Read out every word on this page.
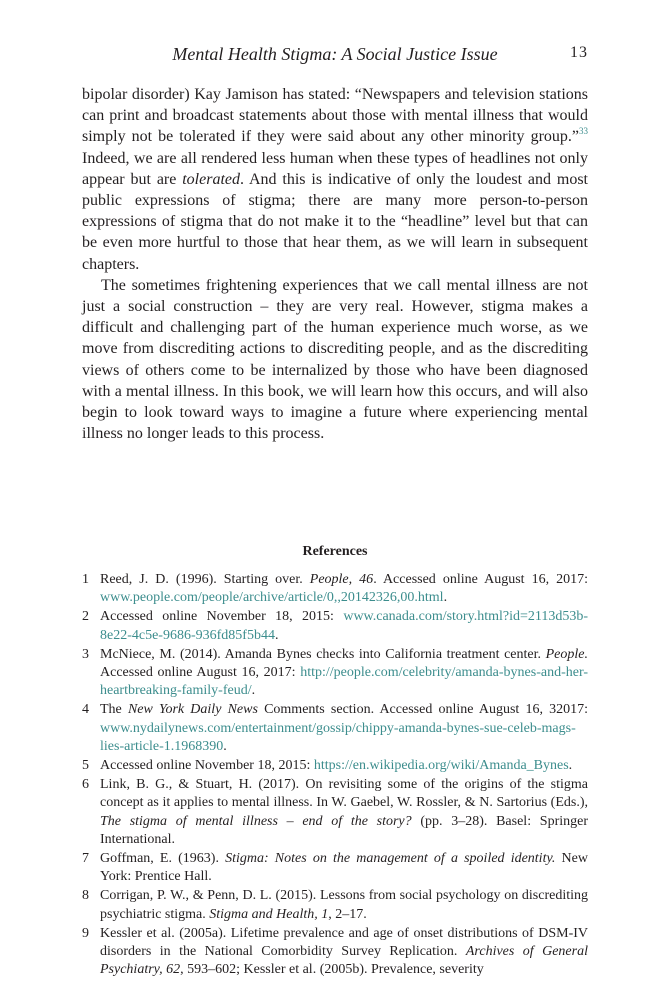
Mental Health Stigma: A Social Justice Issue	13

bipolar disorder) Kay Jamison has stated: “Newspapers and television stations can print and broadcast statements about those with mental illness that would simply not be tolerated if they were said about any other minority group.”$^{33}$ Indeed, we are all rendered less human when these types of headlines not only appear but are tolerated. And this is indicative of only the loudest and most public expressions of stigma; there are many more person-to-person expressions of stigma that do not make it to the “headline” level but that can be even more hurtful to those that hear them, as we will learn in subsequent chapters.

The sometimes frightening experiences that we call mental illness are not just a social construction – they are very real. However, stigma makes a difficult and challenging part of the human experience much worse, as we move from discrediting actions to discrediting people, and as the discrediting views of others come to be internalized by those who have been diagnosed with a mental illness. In this book, we will learn how this occurs, and will also begin to look toward ways to imagine a future where experiencing mental illness no longer leads to this process.

References
1 Reed, J. D. (1996). Starting over. People, 46. Accessed online August 16, 2017: www.people.com/people/archive/article/0,,20142326,00.html.
2 Accessed online November 18, 2015: www.canada.com/story.html?id=2113d53b-8e22-4c5e-9686-936fd85f5b44.
3 McNiece, M. (2014). Amanda Bynes checks into California treatment center. People. Accessed online August 16, 2017: http://people.com/celebrity/amanda-bynes-and-her-heartbreaking-family-feud/.
4 The New York Daily News Comments section. Accessed online August 16, 32017: www.nydailynews.com/entertainment/gossip/chippy-amanda-bynes-sue-celeb-mags-lies-article-1.1968390.
5 Accessed online November 18, 2015: https://en.wikipedia.org/wiki/Amanda_Bynes.
6 Link, B. G., & Stuart, H. (2017). On revisiting some of the origins of the stigma concept as it applies to mental illness. In W. Gaebel, W. Rossler, & N. Sartorius (Eds.), The stigma of mental illness – end of the story? (pp. 3–28). Basel: Springer International.
7 Goffman, E. (1963). Stigma: Notes on the management of a spoiled identity. New York: Prentice Hall.
8 Corrigan, P. W., & Penn, D. L. (2015). Lessons from social psychology on discrediting psychiatric stigma. Stigma and Health, 1, 2–17.
9 Kessler et al. (2005a). Lifetime prevalence and age of onset distributions of DSM-IV disorders in the National Comorbidity Survey Replication. Archives of General Psychiatry, 62, 593–602; Kessler et al. (2005b). Prevalence, severity
